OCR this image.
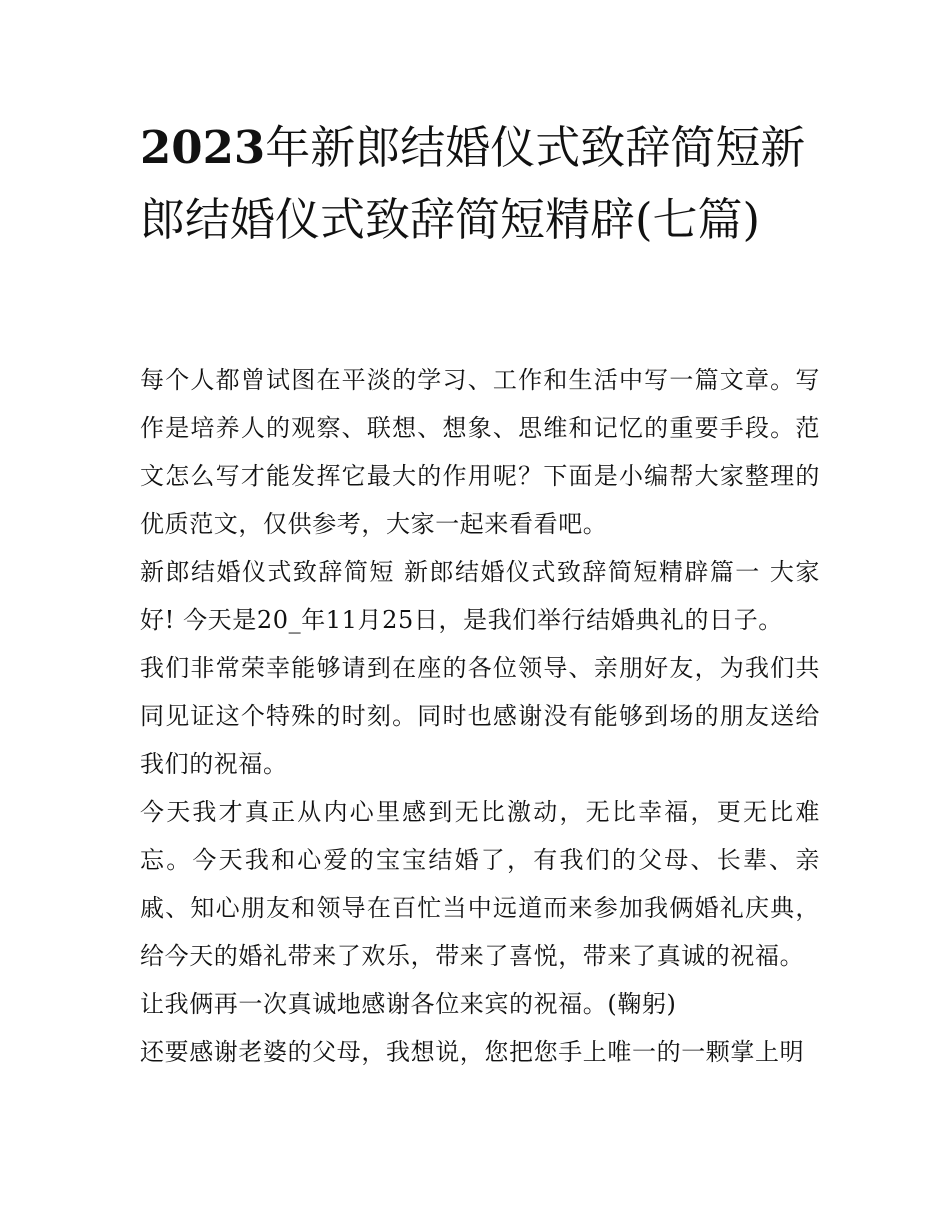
2023年新郎结婚仪式致辞简短新郎结婚仪式致辞简短精辟(七篇)

每个人都曾试图在平淡的学习、工作和生活中写一篇文章。写作是培养人的观察、联想、想象、思维和记忆的重要手段。范文怎么写才能发挥它最大的作用呢？下面是小编帮大家整理的优质范文，仅供参考，大家一起来看看吧。

新郎结婚仪式致辞简短 新郎结婚仪式致辞简短精辟篇一 大家好! 今天是20_年11月25日，是我们举行结婚典礼的日子。

我们非常荣幸能够请到在座的各位领导、亲朋好友，为我们共同见证这个特殊的时刻。同时也感谢没有能够到场的朋友送给我们的祝福。

今天我才真正从内心里感到无比激动，无比幸福，更无比难忘。今天我和心爱的宝宝结婚了，有我们的父母、长辈、亲戚、知心朋友和领导在百忙当中远道而来参加我俩婚礼庆典，给今天的婚礼带来了欢乐，带来了喜悦，带来了真诚的祝福。

让我俩再一次真诚地感谢各位来宾的祝福。(鞠躬)

还要感谢老婆的父母，我想说，您把您手上唯一的一颗掌上明
